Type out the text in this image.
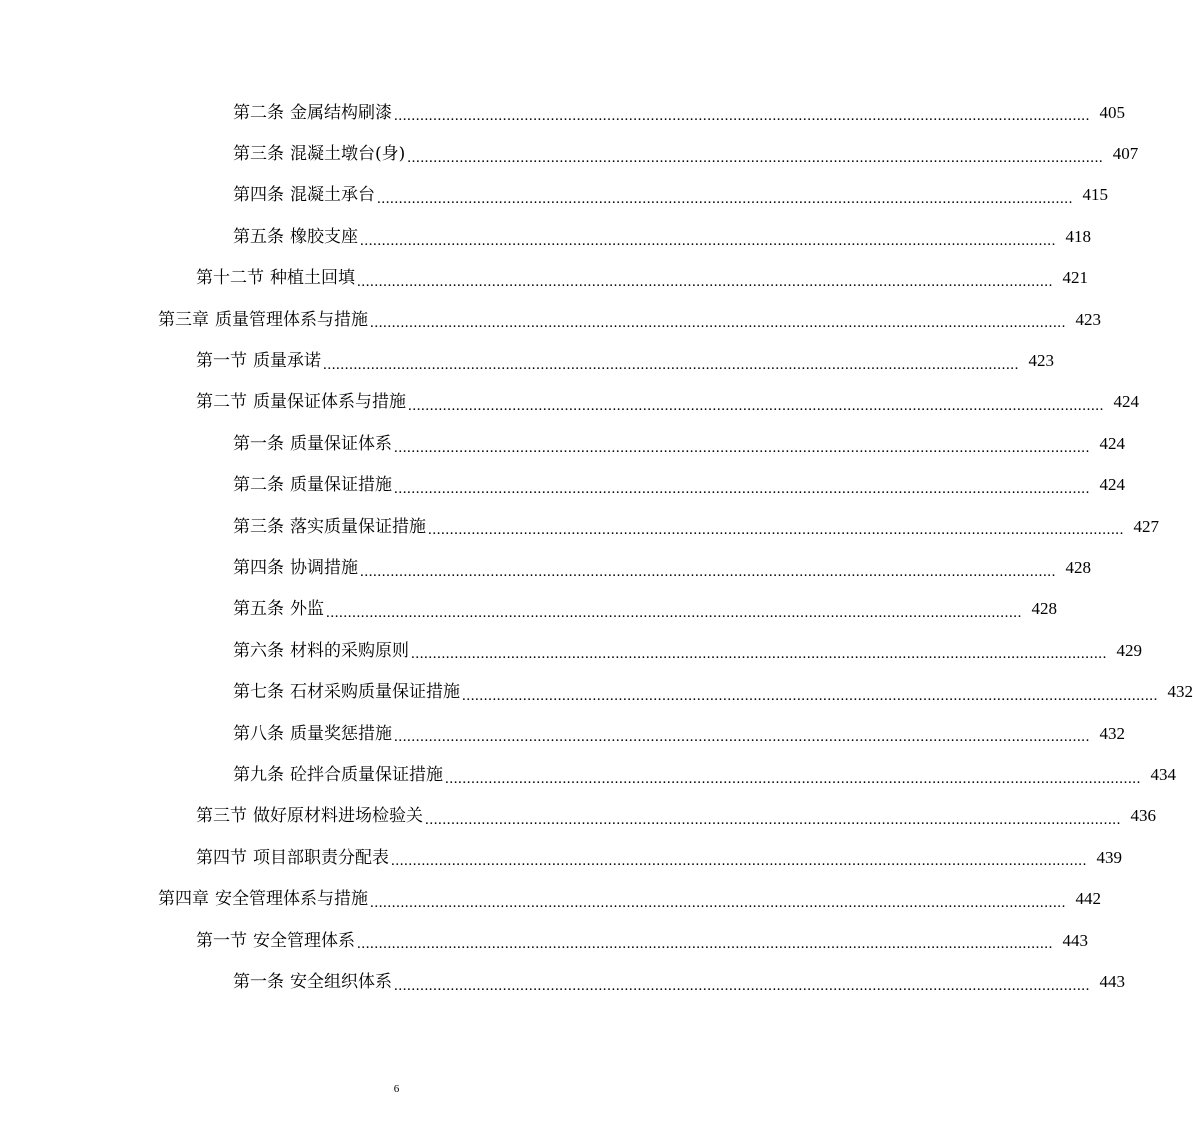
第二条 金属结构刷漆 ................................................................................................................................................................ 405
第三条 混凝土墩台(身) ................................................................................................................................................................ 407
第四条 混凝土承台 ................................................................................................................................................................ 415
第五条 橡胶支座 ................................................................................................................................................................ 418
第十二节 种植土回填 ................................................................................................................................................................ 421
第三章 质量管理体系与措施 ................................................................................................................................................................ 423
第一节 质量承诺 ................................................................................................................................................................ 423
第二节 质量保证体系与措施 ................................................................................................................................................................ 424
第一条 质量保证体系 ................................................................................................................................................................ 424
第二条 质量保证措施 ................................................................................................................................................................ 424
第三条 落实质量保证措施 ................................................................................................................................................................ 427
第四条 协调措施 ................................................................................................................................................................ 428
第五条 外监 ................................................................................................................................................................ 428
第六条 材料的采购原则 ................................................................................................................................................................ 429
第七条 石材采购质量保证措施 ................................................................................................................................................................ 432
第八条 质量奖惩措施 ................................................................................................................................................................ 432
第九条 砼拌合质量保证措施 ................................................................................................................................................................ 434
第三节 做好原材料进场检验关 ................................................................................................................................................................ 436
第四节 项目部职责分配表 ................................................................................................................................................................ 439
第四章 安全管理体系与措施 ................................................................................................................................................................ 442
第一节 安全管理体系 ................................................................................................................................................................ 443
第一条 安全组织体系 ................................................................................................................................................................ 443
6
